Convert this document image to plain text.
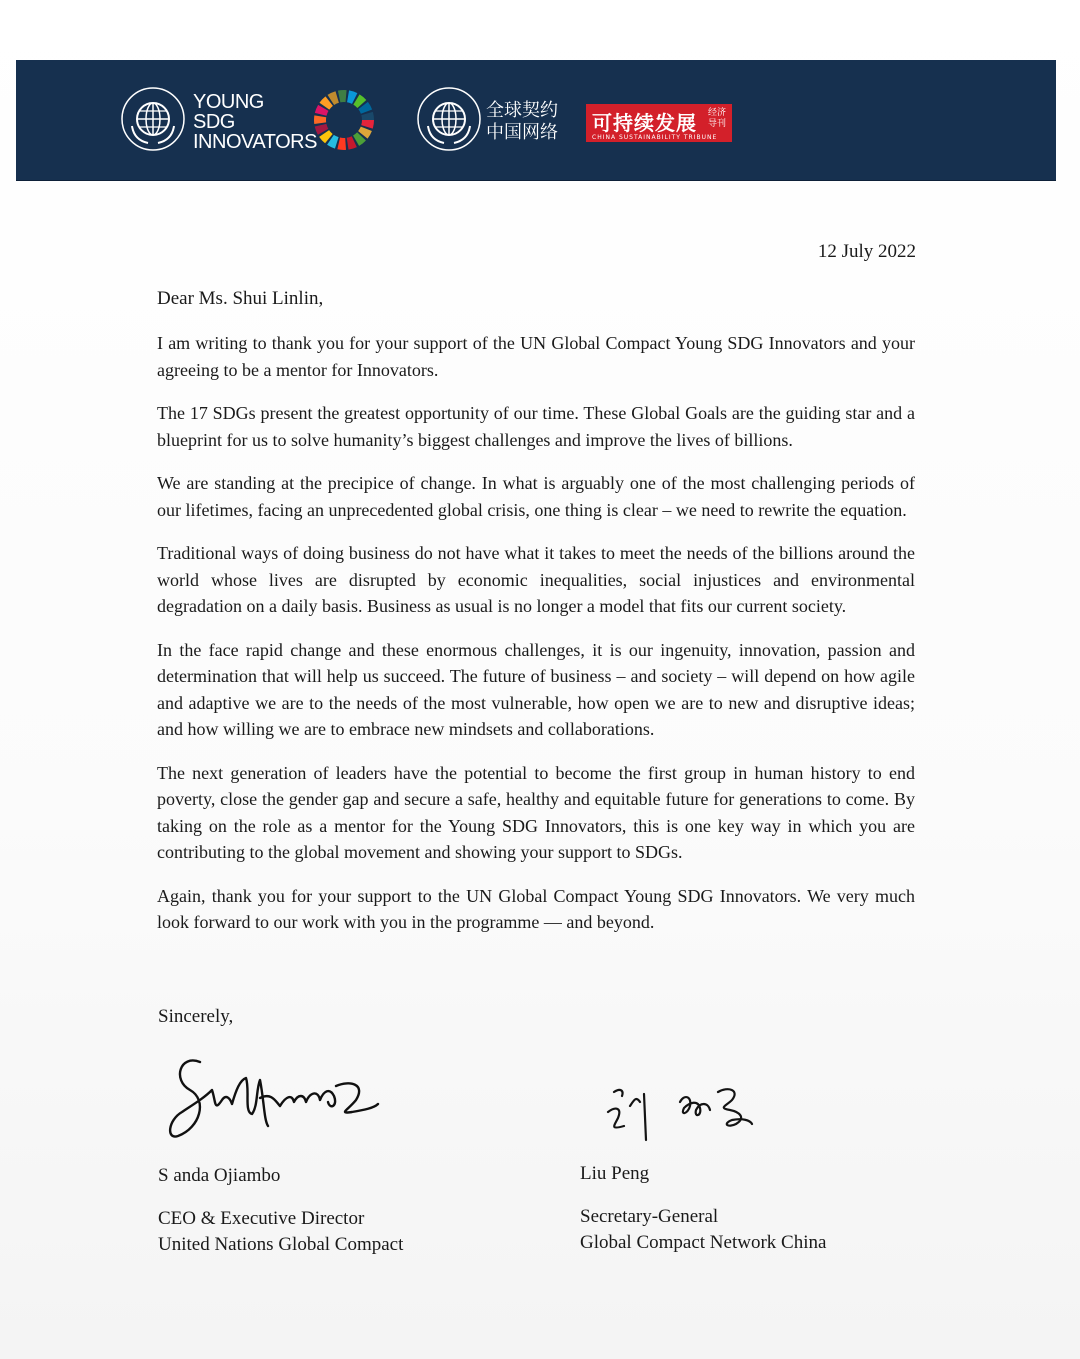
YOUNG
SDG
INNOVATORS
全球契约
中国网络 可持续发展 经济导刊
CHINA SUSTAINABILITY TRIBUNE
12 July 2022
Dear Ms. Shui Linlin,

I am writing to thank you for your support of the UN Global Compact Young SDG Innovators and your agreeing to be a mentor for Innovators.

The 17 SDGs present the greatest opportunity of our time. These Global Goals are the guiding star and a blueprint for us to solve humanity’s biggest challenges and improve the lives of billions.

We are standing at the precipice of change. In what is arguably one of the most challenging periods of our lifetimes, facing an unprecedented global crisis, one thing is clear – we need to rewrite the equation.

Traditional ways of doing business do not have what it takes to meet the needs of the billions around the world whose lives are disrupted by economic inequalities, social injustices and environmental degradation on a daily basis. Business as usual is no longer a model that fits our current society.

In the face rapid change and these enormous challenges, it is our ingenuity, innovation, passion and determination that will help us succeed. The future of business – and society – will depend on how agile and adaptive we are to the needs of the most vulnerable, how open we are to new and disruptive ideas; and how willing we are to embrace new mindsets and collaborations.

The next generation of leaders have the potential to become the first group in human history to end poverty, close the gender gap and secure a safe, healthy and equitable future for generations to come. By taking on the role as a mentor for the Young SDG Innovators, this is one key way in which you are contributing to the global movement and showing your support to SDGs.

Again, thank you for your support to the UN Global Compact Young SDG Innovators. We very much look forward to our work with you in the programme — and beyond.

Sincerely,
S anda Ojiambo
CEO & Executive Director
United Nations Global Compact
Liu Peng
Secretary-General
Global Compact Network China
